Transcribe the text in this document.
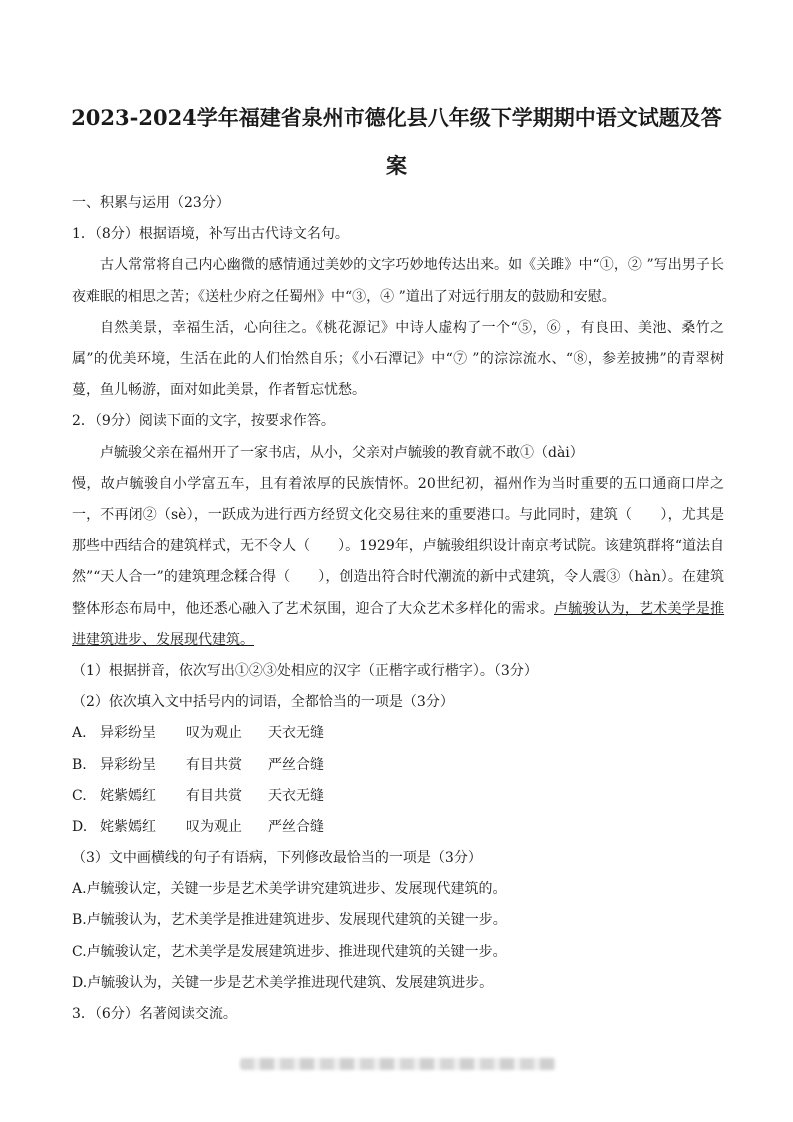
2023-2024学年福建省泉州市德化县八年级下学期期中语文试题及答
案
一、积累与运用（23分）
1．（8分）根据语境，补写出古代诗文名句。

古人常常将自己内心幽微的感情通过美妙的文字巧妙地传达出来。如《关雎》中“①，② ”写出男子长夜难眠的相思之苦；《送杜少府之任蜀州》中“③，④ ”道出了对远行朋友的鼓励和安慰。

自然美景，幸福生活，心向往之。《桃花源记》中诗人虚构了一个“⑤，⑥ ，有良田、美池、桑竹之属”的优美环境，生活在此的人们怡然自乐；《小石潭记》中“⑦ ”的淙淙流水、“⑧，参差披拂”的青翠树蔓，鱼儿畅游，面对如此美景，作者暂忘忧愁。

2．（9分）阅读下面的文字，按要求作答。
卢毓骏父亲在福州开了一家书店，从小，父亲对卢毓骏的教育就不敢①（dài）

慢，故卢毓骏自小学富五车，且有着浓厚的民族情怀。20世纪初，福州作为当时重要的五口通商口岸之一，不再闭②（sè），一跃成为进行西方经贸文化交易往来的重要港口。与此同时，建筑（　　），尤其是那些中西结合的建筑样式，无不令人（　　）。1929年，卢毓骏组织设计南京考试院。该建筑群将“道法自然”“天人合一”的建筑理念糅合得（　　），创造出符合时代潮流的新中式建筑，令人震③（hàn）。在建筑整体形态布局中，他还悉心融入了艺术氛围，迎合了大众艺术多样化的需求。卢毓骏认为，艺术美学是推进建筑进步、发展现代建筑。

（1）根据拼音，依次写出①②③处相应的汉字（正楷字或行楷字）。（3分）
（2）依次填入文中括号内的词语，全都恰当的一项是（3分）
A. 异彩纷呈 叹为观止 天衣无缝
B. 异彩纷呈 有目共赏 严丝合缝
C. 姹紫嫣红 有目共赏 天衣无缝
D. 姹紫嫣红 叹为观止 严丝合缝
（3）文中画横线的句子有语病，下列修改最恰当的一项是（3分）
A.卢毓骏认定，关键一步是艺术美学讲究建筑进步、发展现代建筑的。
B.卢毓骏认为，艺术美学是推进建筑进步、发展现代建筑的关键一步。
C.卢毓骏认定，艺术美学是发展建筑进步、推进现代建筑的关键一步。
D.卢毓骏认为，关键一步是艺术美学推进现代建筑、发展建筑进步。
3．（6分）名著阅读交流。
